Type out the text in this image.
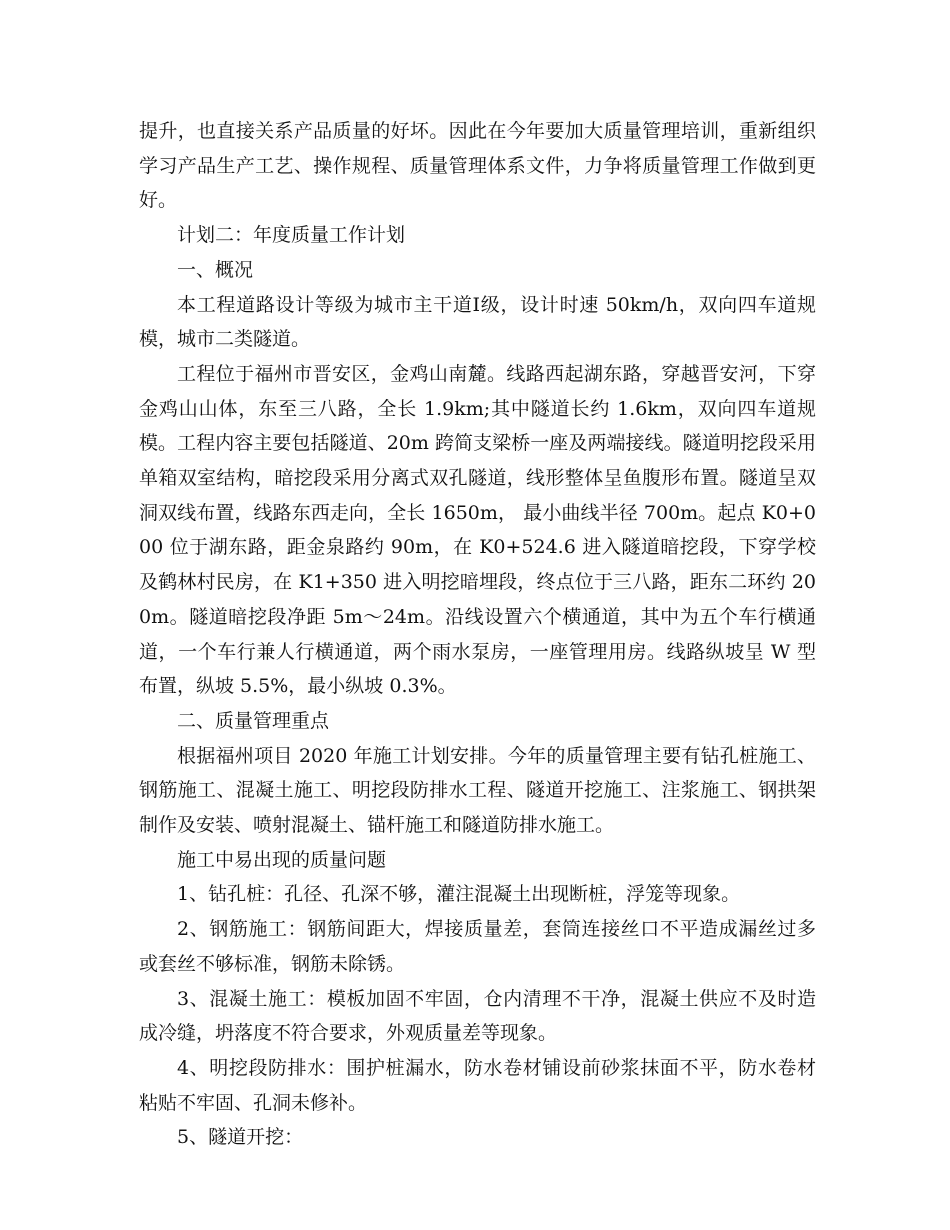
提升，也直接关系产品质量的好坏。因此在今年要加大质量管理培训，重新组织学习产品生产工艺、操作规程、质量管理体系文件，力争将质量管理工作做到更好。

计划二：年度质量工作计划

一、概况

本工程道路设计等级为城市主干道Ⅰ级，设计时速 50km/h，双向四车道规模，城市二类隧道。

工程位于福州市晋安区，金鸡山南麓。线路西起湖东路，穿越晋安河，下穿金鸡山山体，东至三八路，全长 1.9km;其中隧道长约 1.6km，双向四车道规模。工程内容主要包括隧道、20m 跨简支梁桥一座及两端接线。隧道明挖段采用单箱双室结构，暗挖段采用分离式双孔隧道，线形整体呈鱼腹形布置。隧道呈双洞双线布置，线路东西走向，全长 1650m， 最小曲线半径 700m。起点 K0+000 位于湖东路，距金泉路约 90m，在 K0+524.6 进入隧道暗挖段，下穿学校及鹤林村民房，在 K1+350 进入明挖暗埋段，终点位于三八路，距东二环约 200m。隧道暗挖段净距 5m～24m。沿线设置六个横通道，其中为五个车行横通道，一个车行兼人行横通道，两个雨水泵房，一座管理用房。线路纵坡呈 W 型布置，纵坡 5.5%，最小纵坡 0.3%。

二、质量管理重点

根据福州项目 2020 年施工计划安排。今年的质量管理主要有钻孔桩施工、钢筋施工、混凝土施工、明挖段防排水工程、隧道开挖施工、注浆施工、钢拱架制作及安装、喷射混凝土、锚杆施工和隧道防排水施工。

施工中易出现的质量问题

1、钻孔桩：孔径、孔深不够，灌注混凝土出现断桩，浮笼等现象。

2、钢筋施工：钢筋间距大，焊接质量差，套筒连接丝口不平造成漏丝过多或套丝不够标准，钢筋未除锈。

3、混凝土施工：模板加固不牢固，仓内清理不干净，混凝土供应不及时造成冷缝，坍落度不符合要求，外观质量差等现象。

4、明挖段防排水：围护桩漏水，防水卷材铺设前砂浆抹面不平，防水卷材粘贴不牢固、孔洞未修补。

5、隧道开挖：
